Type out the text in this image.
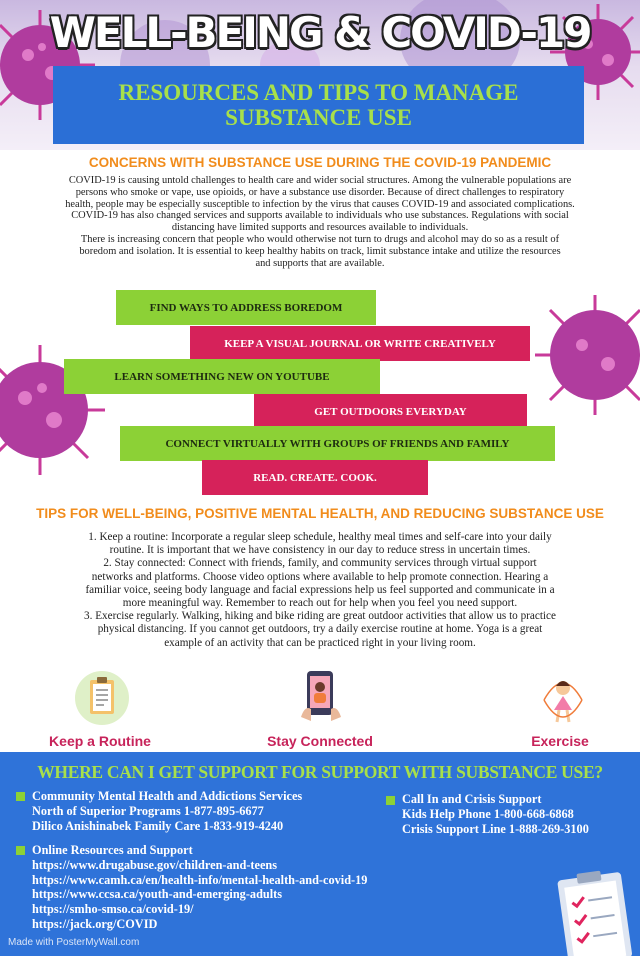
WELL-BEING & COVID-19
RESOURCES AND TIPS TO MANAGE
SUBSTANCE USE
CONCERNS WITH SUBSTANCE USE DURING THE COVID-19 PANDEMIC
COVID-19 is causing untold challenges to health care and wider social structures. Among the vulnerable populations are
persons who smoke or vape, use opioids, or have a substance use disorder. Because of direct challenges to respiratory
health, people may be especially susceptible to infection by the virus that causes COVID-19 and associated complications.
COVID-19 has also changed services and supports available to individuals who use substances. Regulations with social
distancing have limited supports and resources available to individuals.
There is increasing concern that people who would otherwise not turn to drugs and alcohol may do so as a result of
boredom and isolation. It is essential to keep healthy habits on track, limit substance intake and utilize the resources
and supports that are available.
FIND WAYS TO ADDRESS BOREDOM
KEEP A VISUAL JOURNAL OR WRITE CREATIVELY
LEARN SOMETHING NEW ON YOUTUBE
GET OUTDOORS EVERYDAY
CONNECT VIRTUALLY WITH GROUPS OF FRIENDS AND FAMILY
READ. CREATE. COOK.
TIPS FOR WELL-BEING, POSITIVE MENTAL HEALTH, AND REDUCING SUBSTANCE USE
1. Keep a routine: Incorporate a regular sleep schedule, healthy meal times and self-care into your daily
routine. It is important that we have consistency in our day to reduce stress in uncertain times.
2. Stay connected: Connect with friends, family, and community services through virtual support
networks and platforms. Choose video options where available to help promote connection. Hearing a
familiar voice, seeing body language and facial expressions help us feel supported and communicate in a
more meaningful way. Remember to reach out for help when you feel you need support.
3. Exercise regularly. Walking, hiking and bike riding are great outdoor activities that allow us to practice
physical distancing. If you cannot get outdoors, try a daily exercise routine at home. Yoga is a great
example of an activity that can be practiced right in your living room.
Keep a Routine	Stay Connected	Exercise
WHERE CAN I GET SUPPORT FOR SUPPORT WITH SUBSTANCE USE?
Community Mental Health and Addictions Services
North of Superior Programs 1-877-895-6677
Dilico Anishinabek Family Care 1-833-919-4240
Call In and Crisis Support
Kids Help Phone 1-800-668-6868
Crisis Support Line 1-888-269-3100
Online Resources and Support
https://www.drugabuse.gov/children-and-teens
https://www.camh.ca/en/health-info/mental-health-and-covid-19
https://www.ccsa.ca/youth-and-emerging-adults
https://smho-smso.ca/covid-19/
https://jack.org/COVID
Made with PosterMyWall.com
